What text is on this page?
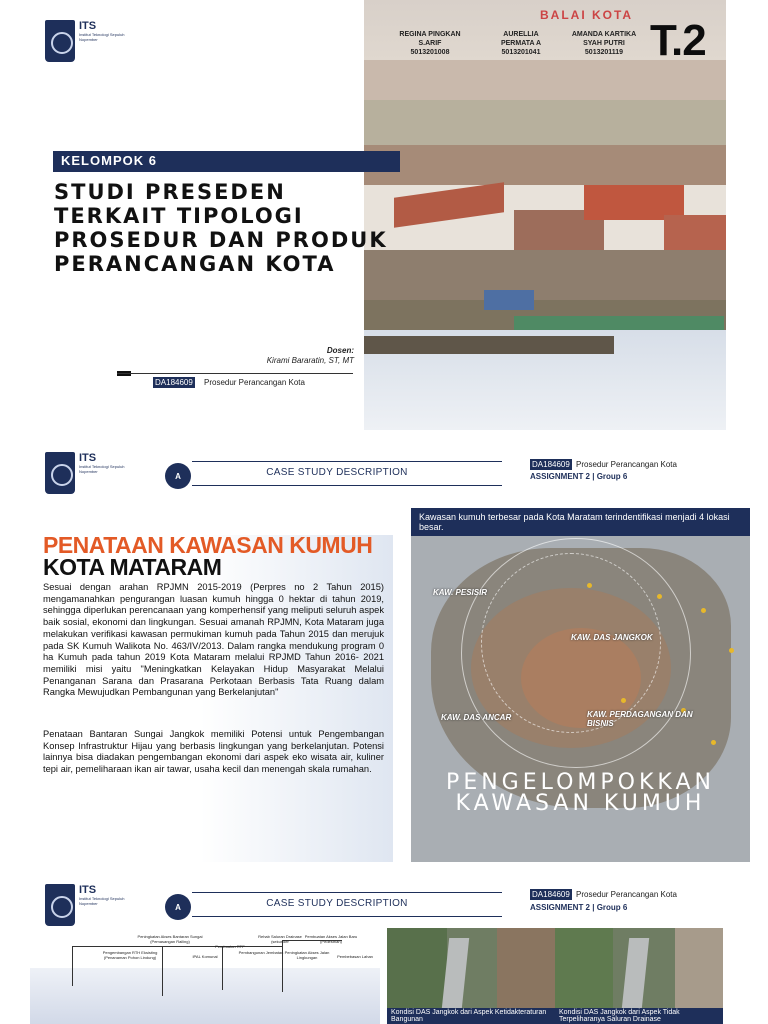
ITS
Institut Teknologi Sepuluh Nopember
BALAI KOTA
REGINA PINGKAN S.ARIF
5013201008
AURELLIA PERMATA A
5013201041
AMANDA KARTIKA SYAH PUTRI
5013201119 T.2
KELOMPOK 6
STUDI PRESEDEN
TERKAIT TIPOLOGI
PROSEDUR DAN PRODUK
PERANCANGAN KOTA
Dosen:
Kirami Bararatin, ST, MT
DA184609 Prosedur Perancangan Kota
ITS
Institut Teknologi Sepuluh Nopember	A	CASE STUDY DESCRIPTION
DA184609 Prosedur Perancangan Kota
ASSIGNMENT 2 | Group 6
PENATAAN KAWASAN KUMUH
KOTA MATARAM

Sesuai dengan arahan RPJMN 2015-2019 (Perpres no 2 Tahun 2015) mengamanahkan pengurangan luasan kumuh hingga 0 hektar di tahun 2019, sehingga diperlukan perencanaan yang komperhensif yang meliputi seluruh aspek baik sosial, ekonomi dan lingkungan. Sesuai amanah RPJMN, Kota Mataram juga melakukan verifikasi kawasan permukiman kumuh pada Tahun 2015 dan merujuk pada SK Kumuh Walikota No. 463/IV/2013. Dalam rangka mendukung program 0 ha Kumuh pada tahun 2019 Kota Mataram melalui RPJMD Tahun 2016- 2021 memiliki misi yaitu "Meningkatkan Kelayakan Hidup Masyarakat Melalui Penanganan Sarana dan Prasarana Perkotaan Berbasis Tata Ruang dalam Rangka Mewujudkan Pembangunan yang Berkelanjutan"

Penataan Bantaran Sungai Jangkok memiliki Potensi untuk Pengembangan Konsep Infrastruktur Hijau yang berbasis lingkungan yang berkelanjutan. Potensi lainnya bisa diadakan pengembangan ekonomi dari aspek eko wisata air, kuliner tepi air, pemeliharaan ikan air tawar, usaha kecil dan menengah skala rumahan.

KAW. PESISIR
KAW. DAS JANGKOK
KAW. DAS ANCAR	KAW. PERDAGANGAN DAN BISNIS
Kawasan kumuh terbesar pada Kota Maratam terindentifikasi menjadi 4 lokasi besar.
PENGELOMPOKKAN
KAWASAN KUMUH
ITS
Institut Teknologi Sepuluh Nopember	A	CASE STUDY DESCRIPTION
DA184609 Prosedur Perancangan Kota
ASSIGNMENT 2 | Group 6
Peningkatan Akses Bantaran Sungai (Pemasangan Railing)
Pembuatan RTP
Rehab Saluran Drainase (sekunder
Pembuatan Akses Jalan Baru (Pedestrian)
Pengembangan RTH Eksisting (Penanaman Pohon Lindung)	IPAL Komunal
Pembangunan Jembatan Peningkatan Akses Jalan Lingkungan	Pembebasan Lahan
Kondisi DAS Jangkok dari Aspek Ketidakteraturan Bangunan
Kondisi DAS Jangkok dari Aspek Tidak Terpeliharanya Saluran Drainase
